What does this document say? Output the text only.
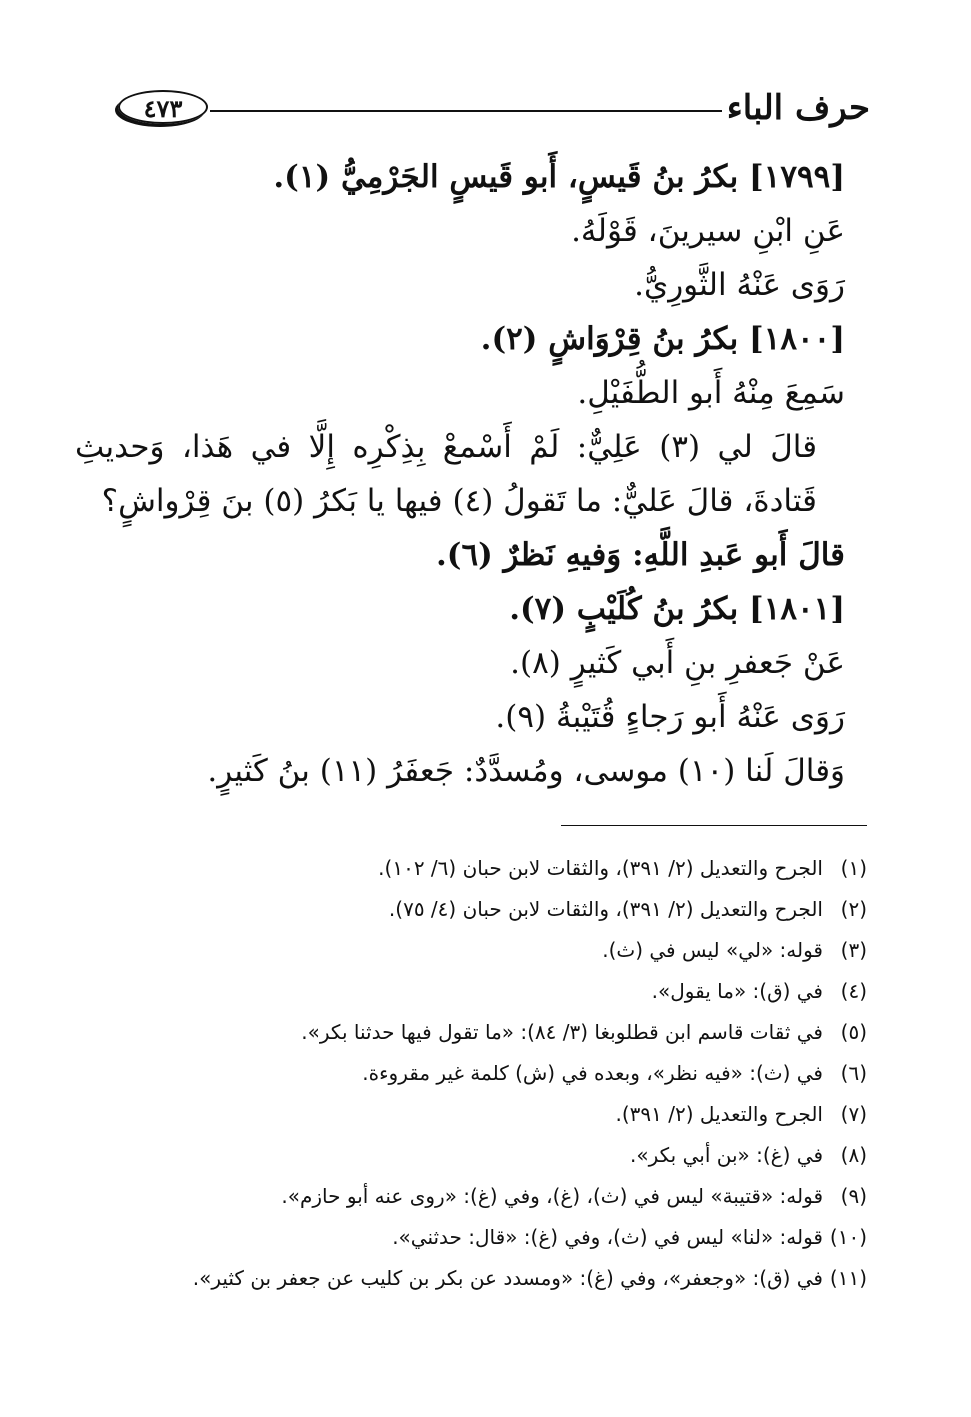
حرف الباء
٤٧٣
[١٧٩٩] بكرُ بنُ قَيسٍ، أَبو قَيسٍ الجَرْمِيُّ (١).
عَنِ ابْنِ سيرينَ، قَوْلَهُ.
رَوَى عَنْهُ الثَّورِيُّ.
[١٨٠٠] بكرُ بنُ قِرْوَاشٍ (٢).
سَمِعَ مِنْهُ أَبو الطُّفَيْلِ.
قالَ لي (٣) عَلِيٌّ: لَمْ أَسْمعْ بِذِكْرِه إِلَّا في هَذا، وَحديثِ قَتادةَ، قالَ عَليٌّ: ما تَقولُ (٤) فيها يا بَكرُ (٥) بنَ قِرْواشٍ؟
قالَ أَبو عَبدِ اللَّهِ: وَفيهِ نَظرٌ (٦).
[١٨٠١] بكرُ بنُ كُلَيْبٍ (٧).
عَنْ جَعفرِ بنِ أَبي كَثيرٍ (٨).
رَوَى عَنْهُ أَبو رَجاءٍ قُتَيْبةُ (٩).
وَقالَ لَنا (١٠) موسى، ومُسدَّدٌ: جَعفَرُ (١١) بنُ كَثيرٍ.
(١)الجرح والتعديل (٢/ ٣٩١)، والثقات لابن حبان (٦/ ١٠٢).
(٢)الجرح والتعديل (٢/ ٣٩١)، والثقات لابن حبان (٤/ ٧٥).
(٣)قوله: «لي» ليس في (ث).
(٤)في (ق): «ما يقول».
(٥)في ثقات قاسم ابن قطلوبغا (٣/ ٨٤): «ما تقول فيها حدثنا بكر».
(٦)في (ث): «فيه نظر»، وبعده في (ش) كلمة غير مقروءة.
(٧)الجرح والتعديل (٢/ ٣٩١).
(٨)في (غ): «بن أبي بكر».
(٩)قوله: «قتيبة» ليس في (ث)، (غ)، وفي (غ): «روى عنه أبو حازم».
(١٠)قوله: «لنا» ليس في (ث)، وفي (غ): «قال: حدثني».
(١١)في (ق): «وجعفر»، وفي (غ): «ومسدد عن بكر بن كليب عن جعفر بن كثير».
